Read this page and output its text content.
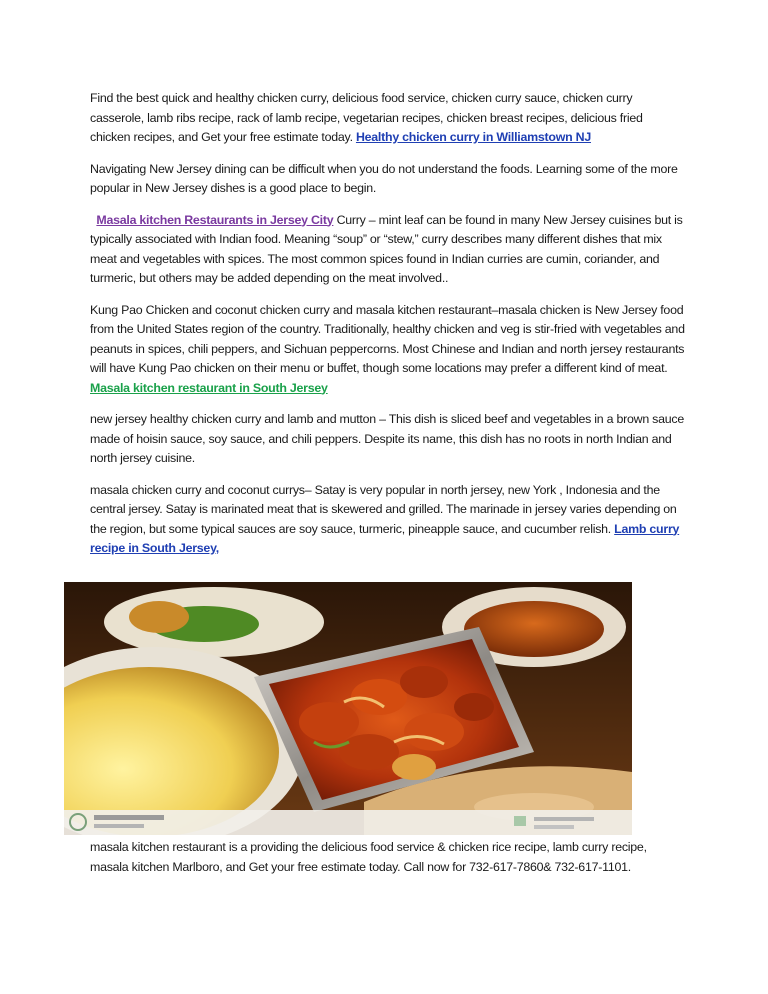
Find the best quick and healthy chicken curry, delicious food service, chicken curry sauce, chicken curry casserole, lamb ribs recipe, rack of lamb recipe, vegetarian recipes, chicken breast recipes, delicious fried chicken recipes, and Get your free estimate today. Healthy chicken curry in Williamstown NJ

Navigating New Jersey dining can be difficult when you do not understand the foods. Learning some of the more popular in New Jersey dishes is a good place to begin.

Masala kitchen Restaurants in Jersey City Curry – mint leaf can be found in many New Jersey cuisines but is typically associated with Indian food. Meaning “soup” or “stew,” curry describes many different dishes that mix meat and vegetables with spices. The most common spices found in Indian curries are cumin, coriander, and turmeric, but others may be added depending on the meat involved..

Kung Pao Chicken and coconut chicken curry and masala kitchen restaurant–masala chicken is New Jersey food from the United States region of the country. Traditionally, healthy chicken and veg is stir-fried with vegetables and peanuts in spices, chili peppers, and Sichuan peppercorns. Most Chinese and Indian and north jersey restaurants will have Kung Pao chicken on their menu or buffet, though some locations may prefer a different kind of meat. Masala kitchen restaurant in South Jersey

new jersey healthy chicken curry and lamb and mutton – This dish is sliced beef and vegetables in a brown sauce made of hoisin sauce, soy sauce, and chili peppers. Despite its name, this dish has no roots in north Indian and north jersey cuisine.

masala chicken curry and coconut currys– Satay is very popular in north jersey, new York , Indonesia and the central jersey. Satay is marinated meat that is skewered and grilled. The marinade in jersey varies depending on the region, but some typical sauces are soy sauce, turmeric, pineapple sauce, and cucumber relish. Lamb curry recipe in South Jersey,

masala kitchen restaurant is a providing the delicious food service & chicken rice recipe, lamb curry recipe, masala kitchen Marlboro, and Get your free estimate today. Call now for 732-617-7860& 732-617-1101.
